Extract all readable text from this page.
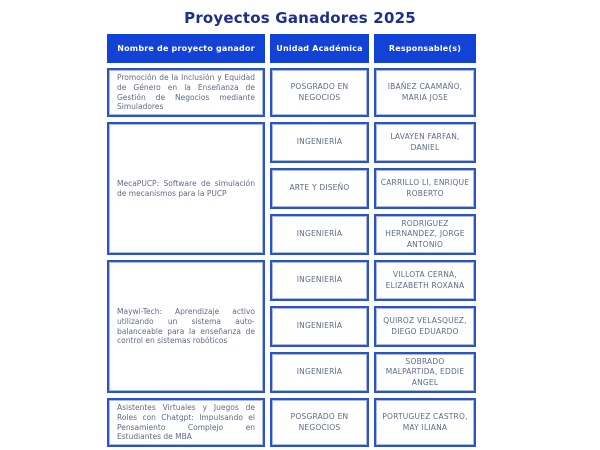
Proyectos Ganadores 2025
Nombre de proyecto ganador	Unidad Académica	Responsable(s)
Promoción de la Inclusión y Equidad de Género en la Enseñanza de Gestión de Negocios mediante Simuladores
POSGRADO EN NEGOCIOS
IBAÑEZ CAAMAÑO, MARIA JOSE
MecaPUCP: Software de simulación de mecanismos para la PUCP
INGENIERÍA
LAVAYEN FARFAN, DANIEL
ARTE Y DISEÑO
CARRILLO LI, ENRIQUE ROBERTO
INGENIERÍA
RODRIGUEZ HERNANDEZ, JORGE ANTONIO
Maywi-Tech: Aprendizaje activo utilizando un sistema auto-balanceable para la enseñanza de control en sistemas robóticos
INGENIERÍA
VILLOTA CERNA, ELIZABETH ROXANA
INGENIERÍA
QUIROZ VELASQUEZ, DIEGO EDUARDO
INGENIERÍA
SOBRADO MALPARTIDA, EDDIE ANGEL
Asistentes Virtuales y Juegos de Roles con Chatgpt: Impulsando el Pensamiento Complejo en Estudiantes de MBA
POSGRADO EN NEGOCIOS
PORTUGUEZ CASTRO, MAY ILIANA
